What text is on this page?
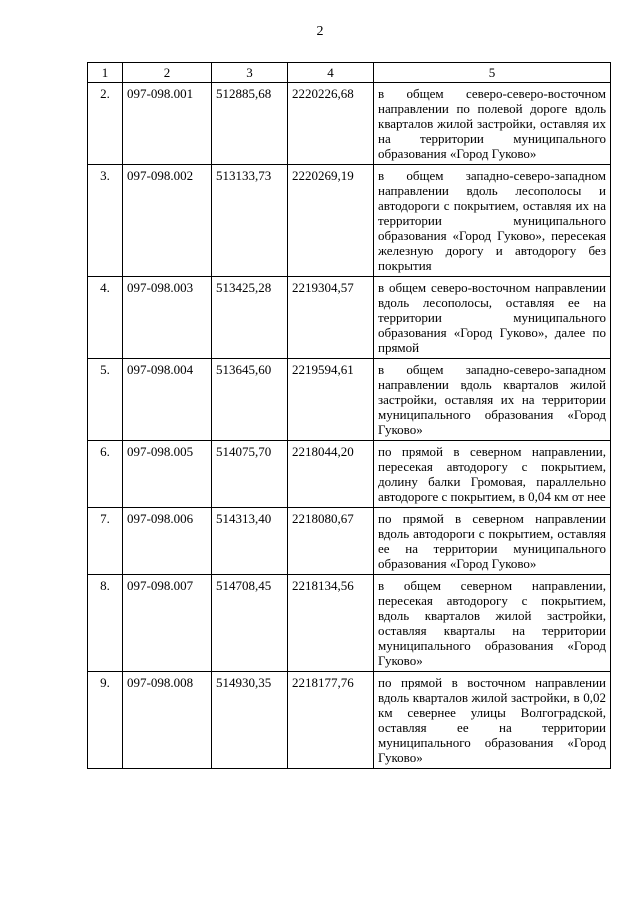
2
1	2	3	4	5
2.	097-098.001	512885,68	2220226,68	в общем северо-северо-восточном направлении по полевой дороге вдоль кварталов жилой застройки, оставляя их на территории муниципального образования «Город Гуково»
3.	097-098.002	513133,73	2220269,19	в общем западно-северо-западном направлении вдоль лесополосы и автодороги с покрытием, оставляя их на территории муниципального образования «Город Гуково», пересекая железную дорогу и автодорогу без покрытия
4.	097-098.003	513425,28	2219304,57	в общем северо-восточном направлении вдоль лесополосы, оставляя ее на территории муниципального образования «Город Гуково», далее по прямой
5.	097-098.004	513645,60	2219594,61	в общем западно-северо-западном направлении вдоль кварталов жилой застройки, оставляя их на территории муниципального образования «Город Гуково»
6.	097-098.005	514075,70	2218044,20	по прямой в северном направлении, пересекая автодорогу с покрытием, долину балки Громовая, параллельно автодороге с покрытием, в 0,04 км от нее
7.	097-098.006	514313,40	2218080,67	по прямой в северном направлении вдоль автодороги с покрытием, оставляя ее на территории муниципального образования «Город Гуково»
8.	097-098.007	514708,45	2218134,56	в общем северном направлении, пересекая автодорогу с покрытием, вдоль кварталов жилой застройки, оставляя кварталы на территории муниципального образования «Город Гуково»
9.	097-098.008	514930,35	2218177,76	по прямой в восточном направлении вдоль кварталов жилой застройки, в 0,02 км севернее улицы Волгоградской, оставляя ее на территории муниципального образования «Город Гуково»
